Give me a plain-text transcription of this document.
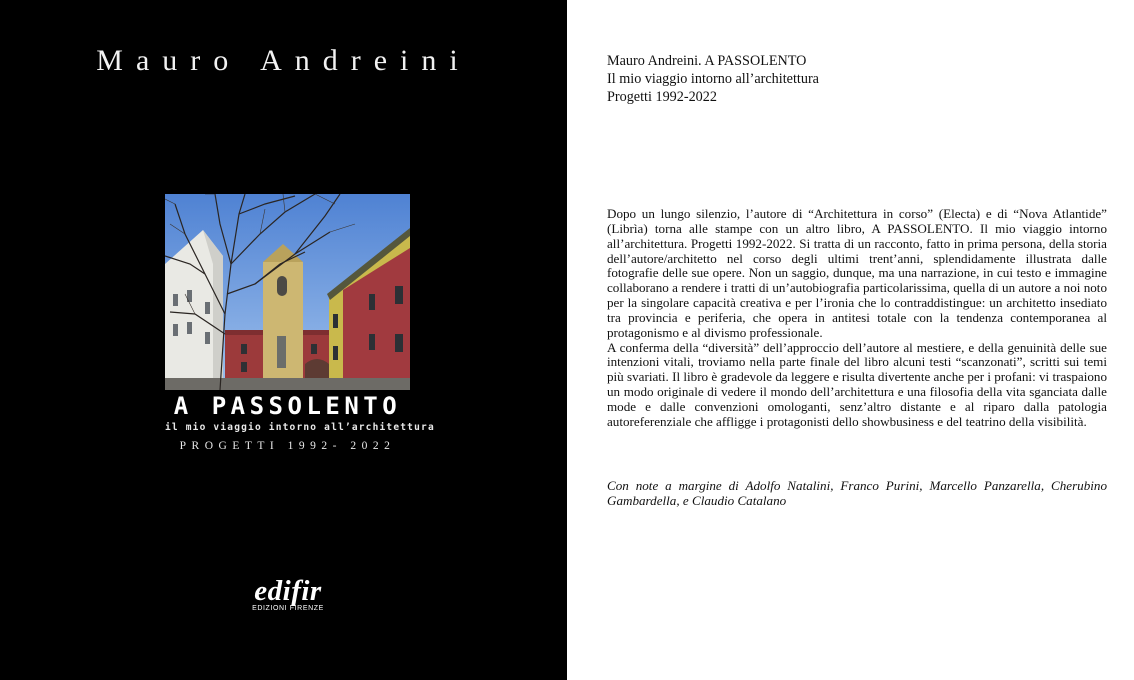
Mauro Andreini
A PASSOLENTO
il mio viaggio intorno all’architettura
PROGETTI 1992- 2022
edifir
EDIZIONI FIRENZE
Mauro Andreini. A PASSOLENTO
Il mio viaggio intorno all’architettura
Progetti 1992-2022

Dopo un lungo silenzio, l’autore di “Architettura in corso” (Electa) e di “Nova Atlantide” (Librìa) torna alle stampe con un altro libro, A PASSOLENTO. Il mio viaggio intorno all’architettura. Progetti 1992-2022. Si tratta di un racconto, fatto in prima persona, della storia dell’autore/architetto nel corso degli ultimi trent’anni, splendidamente illustrata dalle fotografie delle sue opere. Non un saggio, dunque, ma una narrazione, in cui testo e immagine collaborano a rendere i tratti di un’autobiografia particolarissima, quella di un autore a noi noto per la singolare capacità creativa e per l’ironia che lo contraddistingue: un architetto insediato tra provincia e periferia, che opera in antitesi totale con la tendenza contemporanea al protagonismo e al divismo professionale.

A conferma della “diversità” dell’approccio dell’autore al mestiere, e della genuinità delle sue intenzioni vitali, troviamo nella parte finale del libro alcuni testi “scanzonati”, scritti sui temi più svariati. Il libro è gradevole da leggere e risulta divertente anche per i profani: vi traspaiono un modo originale di vedere il mondo dell’architettura e una filosofia della vita sganciata dalle mode e dalle convenzioni omologanti, senz’altro distante e al riparo dalla patologia autoreferenziale che affligge i protagonisti dello showbusiness e del teatrino della visibilità.

Con note a margine di Adolfo Natalini, Franco Purini, Marcello Panzarella, Cherubino Gambardella, e Claudio Catalano
